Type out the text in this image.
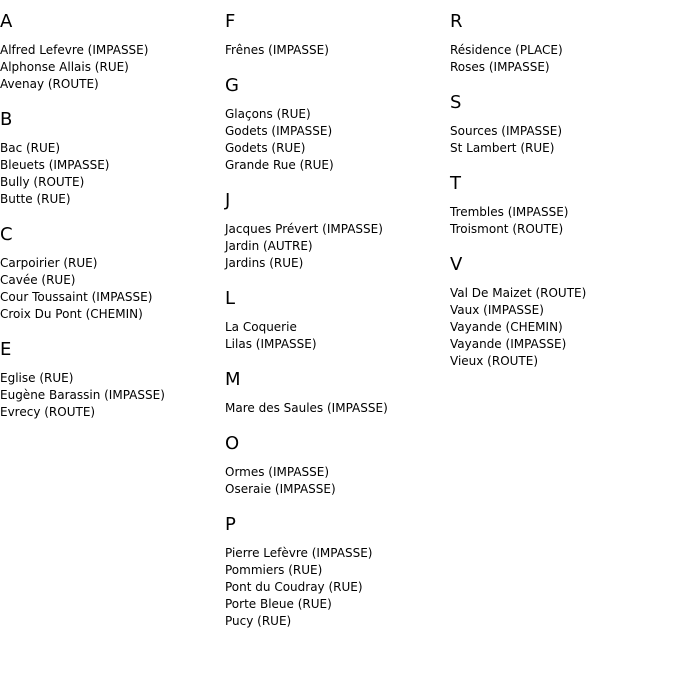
A
Alfred Lefevre (IMPASSE)
Alphonse Allais (RUE)
Avenay (ROUTE)
B
Bac (RUE)
Bleuets (IMPASSE)
Bully (ROUTE)
Butte (RUE)
C
Carpoirier (RUE)
Cavée (RUE)
Cour Toussaint (IMPASSE)
Croix Du Pont (CHEMIN)
E
Eglise (RUE)
Eugène Barassin (IMPASSE)
Evrecy (ROUTE)
F
Frênes (IMPASSE)
G
Glaçons (RUE)
Godets (IMPASSE)
Godets (RUE)
Grande Rue (RUE)
J
Jacques Prévert (IMPASSE)
Jardin (AUTRE)
Jardins (RUE)
L
La Coquerie
Lilas (IMPASSE)
M
Mare des Saules (IMPASSE)
O
Ormes (IMPASSE)
Oseraie (IMPASSE)
P
Pierre Lefèvre (IMPASSE)
Pommiers (RUE)
Pont du Coudray (RUE)
Porte Bleue (RUE)
Pucy (RUE)
R
Résidence (PLACE)
Roses (IMPASSE)
S
Sources (IMPASSE)
St Lambert (RUE)
T
Trembles (IMPASSE)
Troismont (ROUTE)
V
Val De Maizet (ROUTE)
Vaux (IMPASSE)
Vayande (CHEMIN)
Vayande (IMPASSE)
Vieux (ROUTE)
